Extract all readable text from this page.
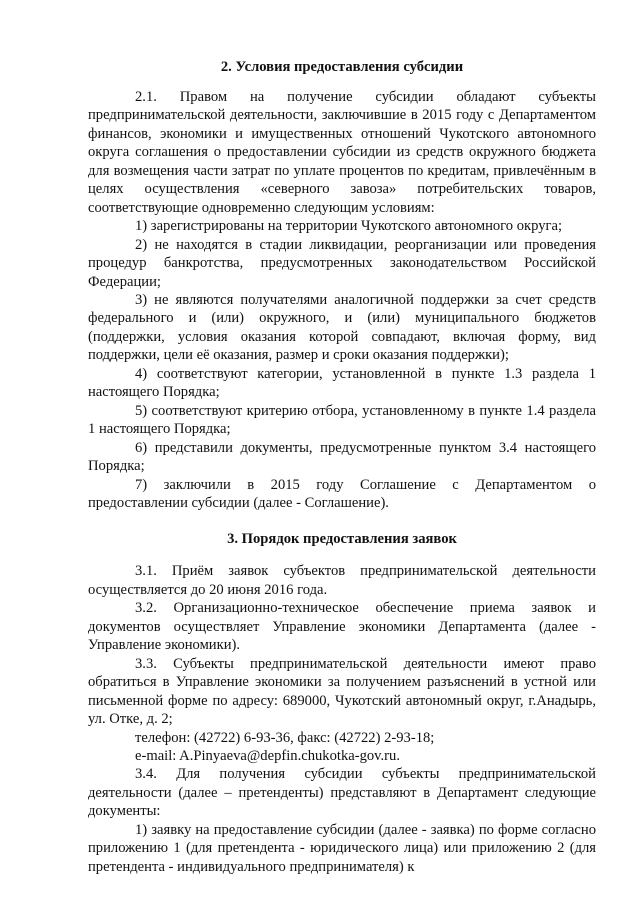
2. Условия предоставления субсидии

2.1. Правом на получение субсидии обладают субъекты предпринимательской деятельности, заключившие в 2015 году с Департаментом финансов, экономики и имущественных отношений Чукотского автономного округа соглашения о предоставлении субсидии из средств окружного бюджета для возмещения части затрат по уплате процентов по кредитам, привлечённым в целях осуществления «северного завоза» потребительских товаров, соответствующие одновременно следующим условиям:

1) зарегистрированы на территории Чукотского автономного округа;

2) не находятся в стадии ликвидации, реорганизации или проведения процедур банкротства, предусмотренных законодательством Российской Федерации;

3) не являются получателями аналогичной поддержки за счет средств федерального и (или) окружного, и (или) муниципального бюджетов (поддержки, условия оказания которой совпадают, включая форму, вид поддержки, цели её оказания, размер и сроки оказания поддержки);

4) соответствуют категории, установленной в пункте 1.3 раздела 1 настоящего Порядка;

5) соответствуют критерию отбора, установленному в пункте 1.4 раздела 1 настоящего Порядка;

6) представили документы, предусмотренные пунктом 3.4 настоящего Порядка;

7) заключили в 2015 году Соглашение с Департаментом о предоставлении субсидии (далее - Соглашение).

3. Порядок предоставления заявок

3.1. Приём заявок субъектов предпринимательской деятельности осуществляется до 20 июня 2016 года.

3.2. Организационно-техническое обеспечение приема заявок и документов осуществляет Управление экономики Департамента (далее - Управление экономики).

3.3. Субъекты предпринимательской деятельности имеют право обратиться в Управление экономики за получением разъяснений в устной или письменной форме по адресу: 689000, Чукотский автономный округ, г.Анадырь, ул. Отке, д. 2;

телефон: (42722) 6-93-36, факс: (42722) 2-93-18;

e-mail: A.Pinyaeva@depfin.chukotka-gov.ru.

3.4. Для получения субсидии субъекты предпринимательской деятельности (далее – претенденты) представляют в Департамент следующие документы:

1) заявку на предоставление субсидии (далее - заявка) по форме согласно приложению 1 (для претендента - юридического лица) или приложению 2 (для претендента - индивидуального предпринимателя) к
